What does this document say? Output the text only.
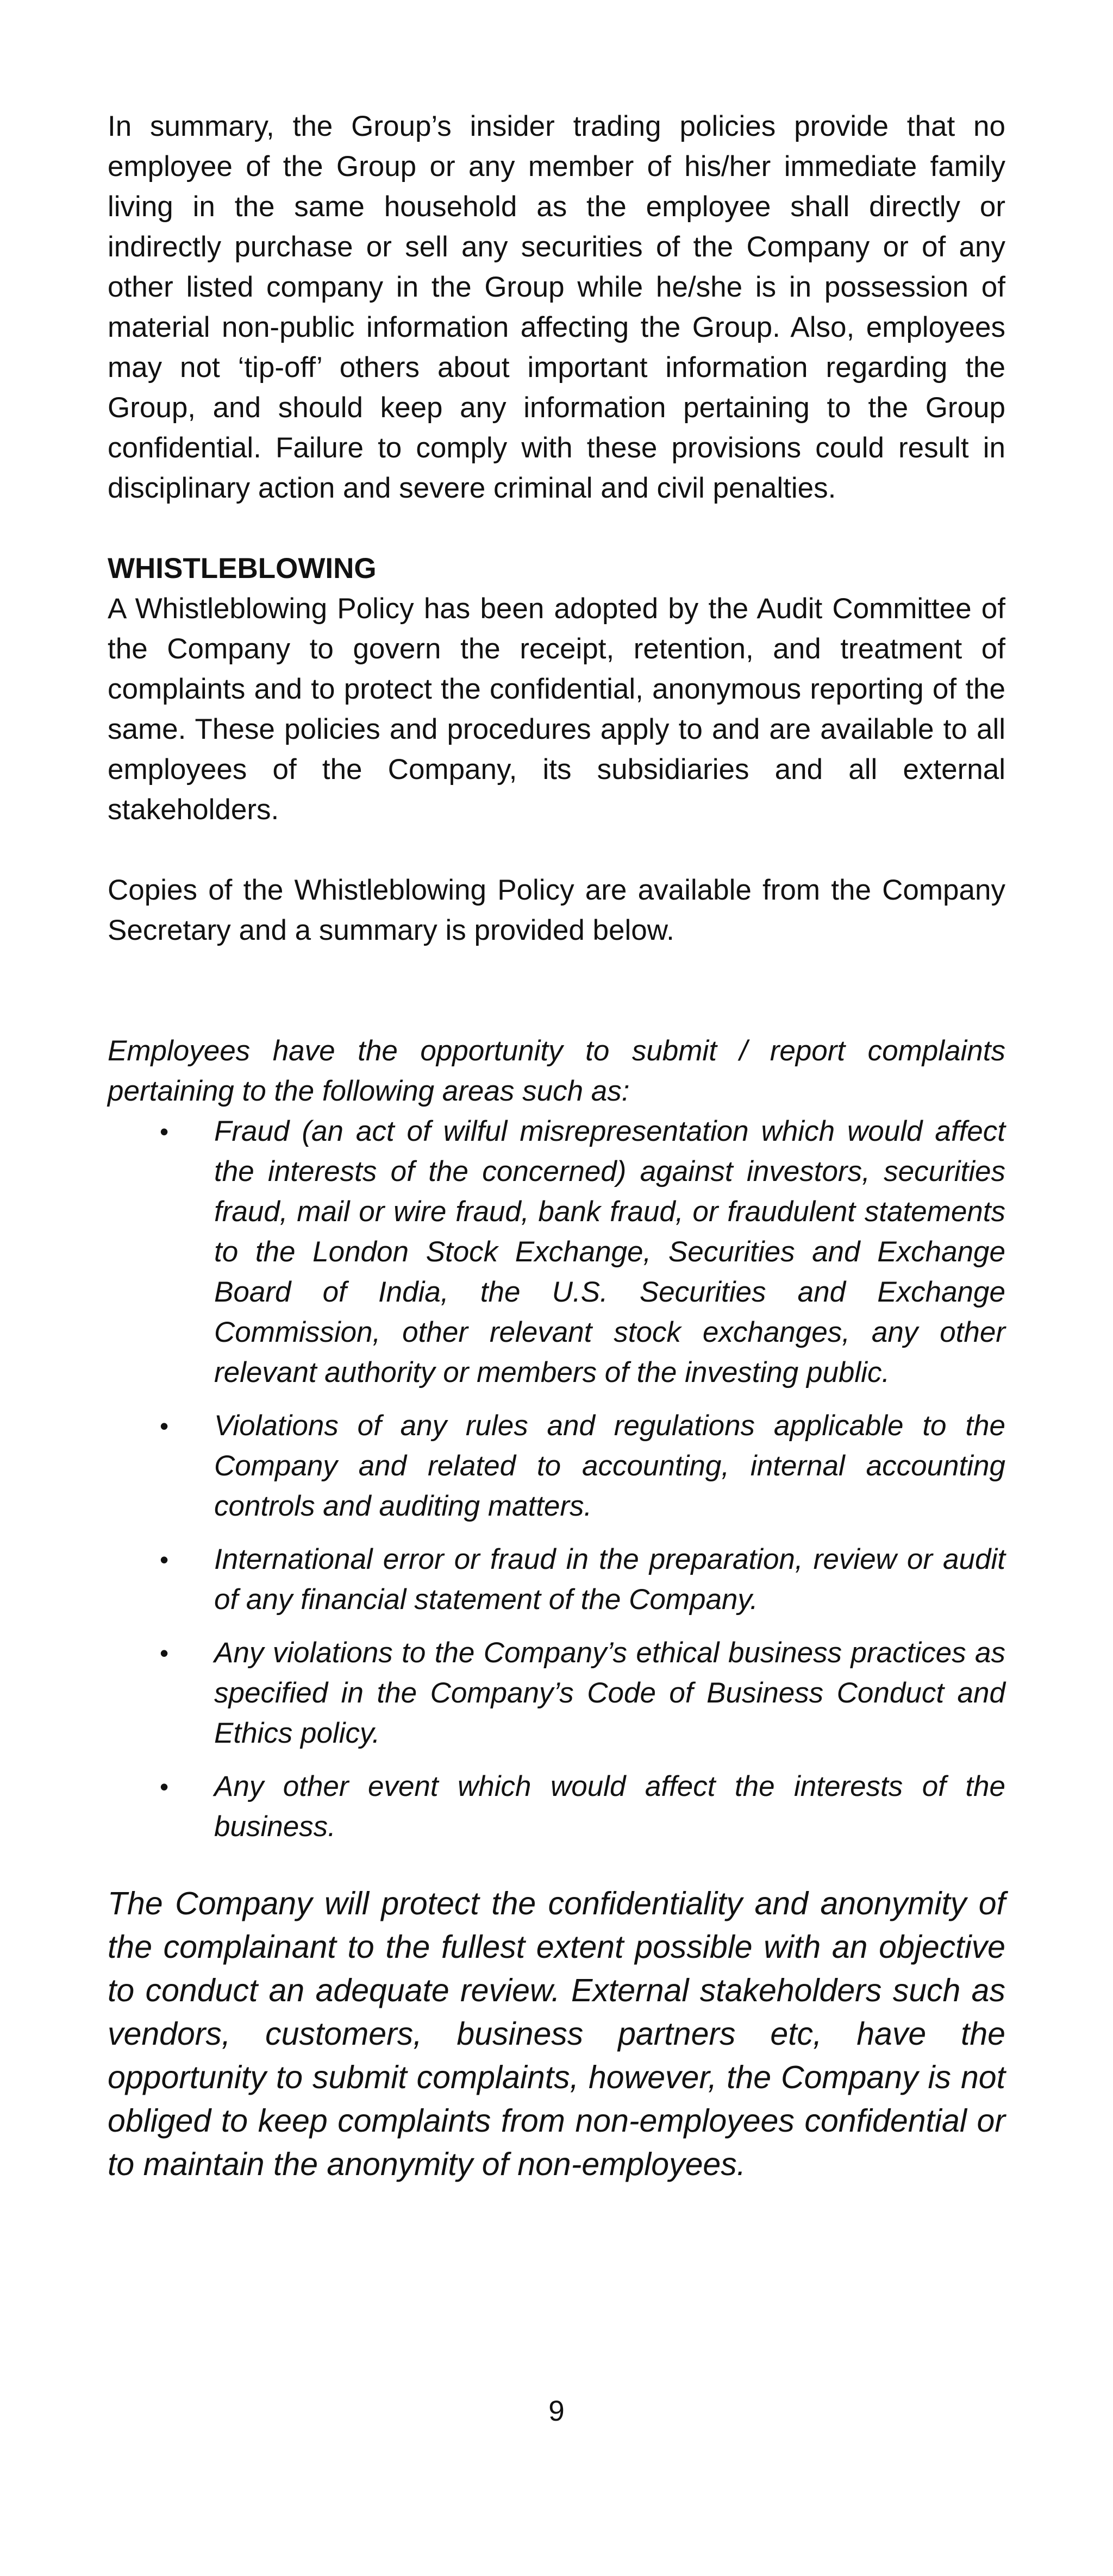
In summary, the Group’s insider trading policies provide that no employee of the Group or any member of his/her immediate family living in the same household as the employee shall directly or indirectly purchase or sell any securities of the Company or of any other listed company in the Group while he/she is in possession of material non-public information affecting the Group. Also, employees may not ‘tip-off’ others about important information regarding the Group, and should keep any information pertaining to the Group confidential. Failure to comply with these provisions could result in disciplinary action and severe criminal and civil penalties.

WHISTLEBLOWING

A Whistleblowing Policy has been adopted by the Audit Committee of the Company to govern the receipt, retention, and treatment of complaints and to protect the confidential, anonymous reporting of the same. These policies and procedures apply to and are available to all employees of the Company, its subsidiaries and all external stakeholders.

Copies of the Whistleblowing Policy are available from the Company Secretary and a summary is provided below.

Employees have the opportunity to submit / report complaints pertaining to the following areas such as:

• Fraud (an act of wilful misrepresentation which would affect the interests of the concerned) against investors, securities fraud, mail or wire fraud, bank fraud, or fraudulent statements to the London Stock Exchange, Securities and Exchange Board of India, the U.S. Securities and Exchange Commission, other relevant stock exchanges, any other relevant authority or members of the investing public.
• Violations of any rules and regulations applicable to the Company and related to accounting, internal accounting controls and auditing matters.
• International error or fraud in the preparation, review or audit of any financial statement of the Company.
• Any violations to the Company’s ethical business practices as specified in the Company’s Code of Business Conduct and Ethics policy.
• Any other event which would affect the interests of the business.

The Company will protect the confidentiality and anonymity of the complainant to the fullest extent possible with an objective to conduct an adequate review. External stakeholders such as vendors, customers, business partners etc, have the opportunity to submit complaints, however, the Company is not obliged to keep complaints from non-employees confidential or to maintain the anonymity of non-employees.

9
